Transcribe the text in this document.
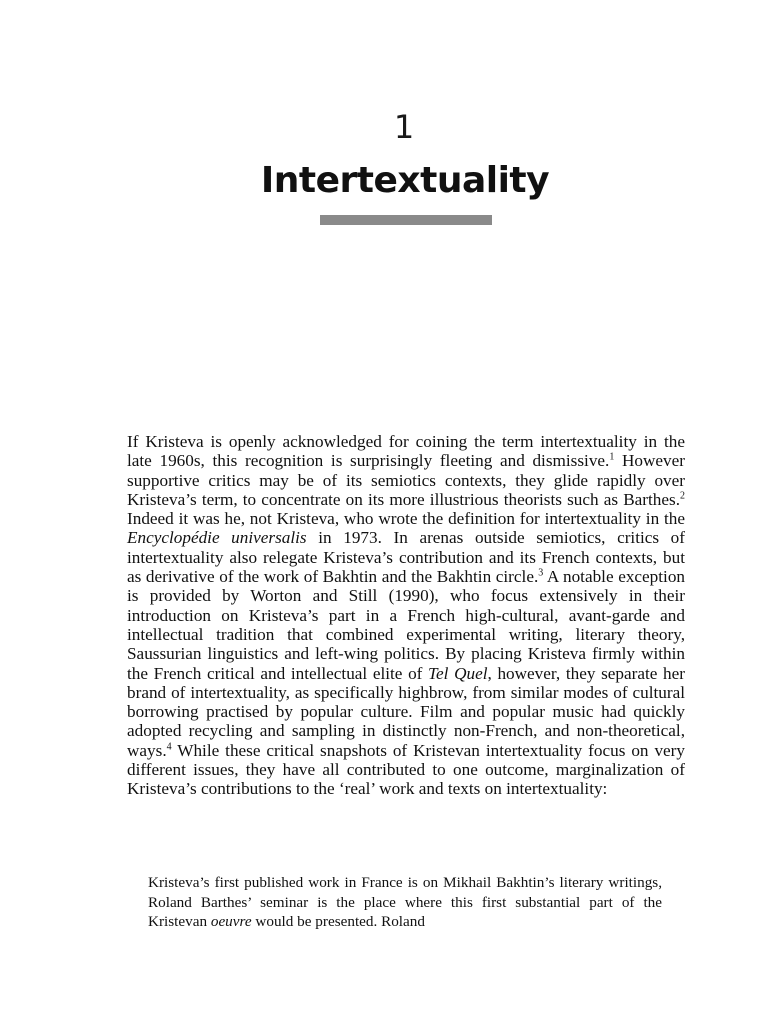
1
Intertextuality

If Kristeva is openly acknowledged for coining the term intertextuality in the late 1960s, this recognition is surprisingly fleeting and dismissive.$^1$ However supportive critics may be of its semiotics contexts, they glide rapidly over Kristeva’s term, to concentrate on its more illustrious theorists such as Barthes.$^2$ Indeed it was he, not Kristeva, who wrote the definition for intertextuality in the Encyclopédie universalis in 1973. In arenas outside semiotics, critics of intertextuality also relegate Kristeva’s contribution and its French contexts, but as derivative of the work of Bakhtin and the Bakhtin circle.$^3$ A notable exception is provided by Worton and Still (1990), who focus extensively in their introduction on Kristeva’s part in a French high-cultural, avant-garde and intellectual tradition that combined experimental writing, literary theory, Saussurian linguistics and left-wing politics. By placing Kristeva firmly within the French critical and intellectual elite of Tel Quel, however, they separate her brand of intertextuality, as specifically highbrow, from similar modes of cultural borrowing practised by popular culture. Film and popular music had quickly adopted recycling and sampling in distinctly non-French, and non-theoretical, ways.$^4$ While these critical snapshots of Kristevan intertextuality focus on very different issues, they have all contributed to one outcome, marginalization of Kristeva’s contributions to the ‘real’ work and texts on intertextuality:

Kristeva’s first published work in France is on Mikhail Bakhtin’s literary writings, Roland Barthes’ seminar is the place where this first substantial part of the Kristevan oeuvre would be presented. Roland
